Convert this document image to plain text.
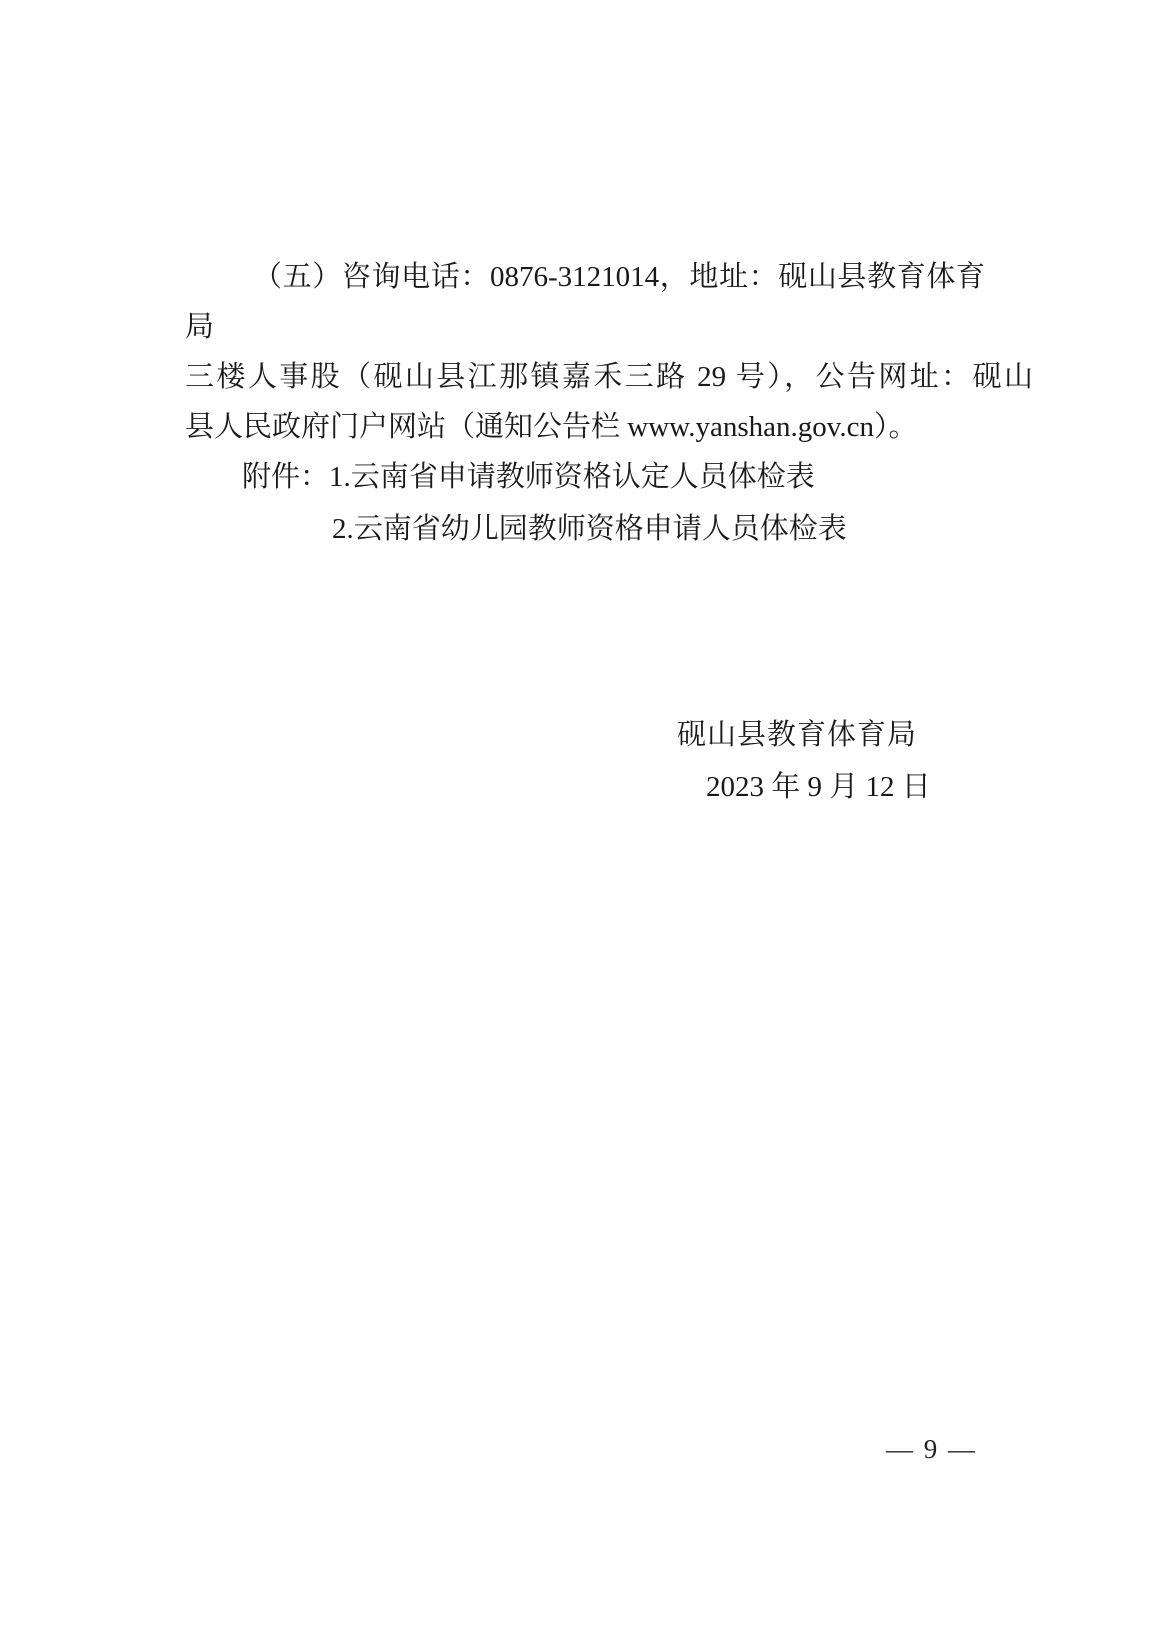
（五）咨询电话：0876-3121014，地址：砚山县教育体育局
三楼人事股（砚山县江那镇嘉禾三路 29 号），公告网址：砚山
县人民政府门户网站（通知公告栏 www.yanshan.gov.cn）。
附件：1.云南省申请教师资格认定人员体检表
2.云南省幼儿园教师资格申请人员体检表
砚山县教育体育局
2023 年 9 月 12 日
— 9 —
